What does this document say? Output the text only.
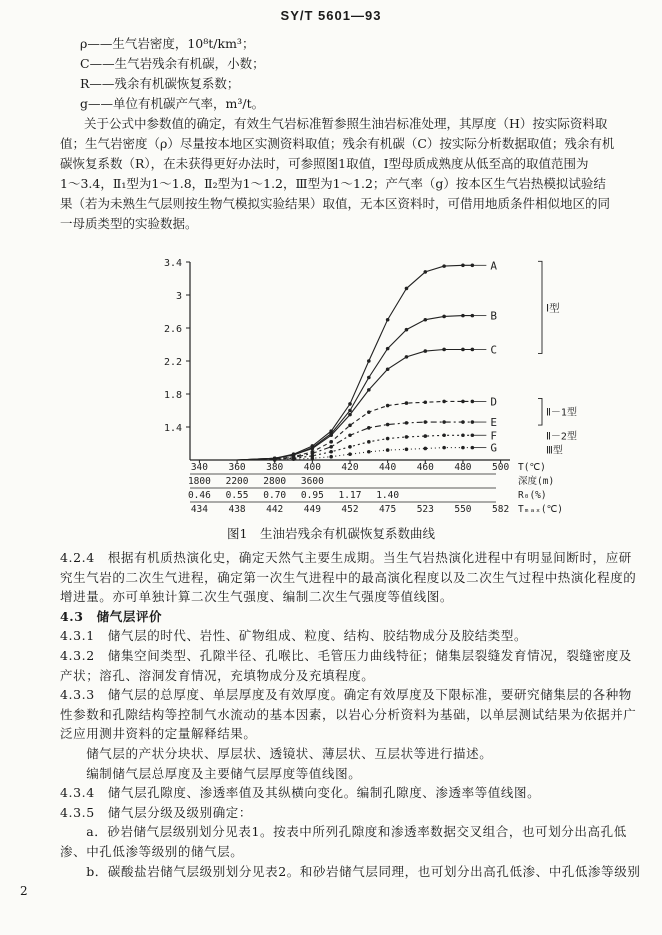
SY/T 5601—93
ρ——生气岩密度，10⁸t/km³；
C——生气岩残余有机碳，小数；
R——残余有机碳恢复系数；
g——单位有机碳产气率，m³/t。
关于公式中参数值的确定，有效生气岩标准暂参照生油岩标准处理，其厚度（H）按实际资料取
值；生气岩密度（ρ）尽量按本地区实测资料取值；残余有机碳（C）按实际分析数据取值；残余有机
碳恢复系数（R），在未获得更好办法时，可参照图1取值，Ⅰ型母质成熟度从低至高的取值范围为
1～3.4，Ⅱ₁型为1～1.8，Ⅱ₂型为1～1.2，Ⅲ型为1～1.2；产气率（g）按本区生气岩热模拟试验结
果（若为未熟生气层则按生物气模拟实验结果）取值，无本区资料时，可借用地质条件相似地区的同
一母质类型的实验数据。
3.4
3
2.6
2.2
1.8
1.4
340 360 380 400 420 440 460 480 500 T(℃)
1800 2200 2800 3600	深度(m)
0.46 0.55 0.70 0.95 1.17 1.40	R₀(%)
434 438 442 449 452 475 523 550 582 Tₘₐₓ(℃)
A
B
C
D
E
F
G
Ⅰ型
Ⅱ－1型
Ⅱ－2型
Ⅲ型
图1　生油岩残余有机碳恢复系数曲线
4.2.4　根据有机质热演化史，确定天然气主要生成期。当生气岩热演化进程中有明显间断时，应研
究生气岩的二次生气进程，确定第一次生气进程中的最高演化程度以及二次生气过程中热演化程度的
增进量。亦可单独计算二次生气强度、编制二次生气强度等值线图。
4.3　储气层评价
4.3.1　储气层的时代、岩性、矿物组成、粒度、结构、胶结物成分及胶结类型。
4.3.2　储集空间类型、孔隙半径、孔喉比、毛管压力曲线特征；储集层裂缝发育情况，裂缝密度及
产状；溶孔、溶洞发育情况，充填物成分及充填程度。
4.3.3　储气层的总厚度、单层厚度及有效厚度。确定有效厚度及下限标准，要研究储集层的各种物
性参数和孔隙结构等控制气水流动的基本因素，以岩心分析资料为基础，以单层测试结果为依据并广
泛应用测井资料的定量解释结果。
　　储气层的产状分块状、厚层状、透镜状、薄层状、互层状等进行描述。
　　编制储气层总厚度及主要储气层厚度等值线图。
4.3.4　储气层孔隙度、渗透率值及其纵横向变化。编制孔隙度、渗透率等值线图。
4.3.5　储气层分级及级别确定：
　　a．砂岩储气层级别划分见表1。按表中所列孔隙度和渗透率数据交叉组合，也可划分出高孔低
渗、中孔低渗等级别的储气层。
　　b．碳酸盐岩储气层级别划分见表2。和砂岩储气层同理，也可划分出高孔低渗、中孔低渗等级别
2
